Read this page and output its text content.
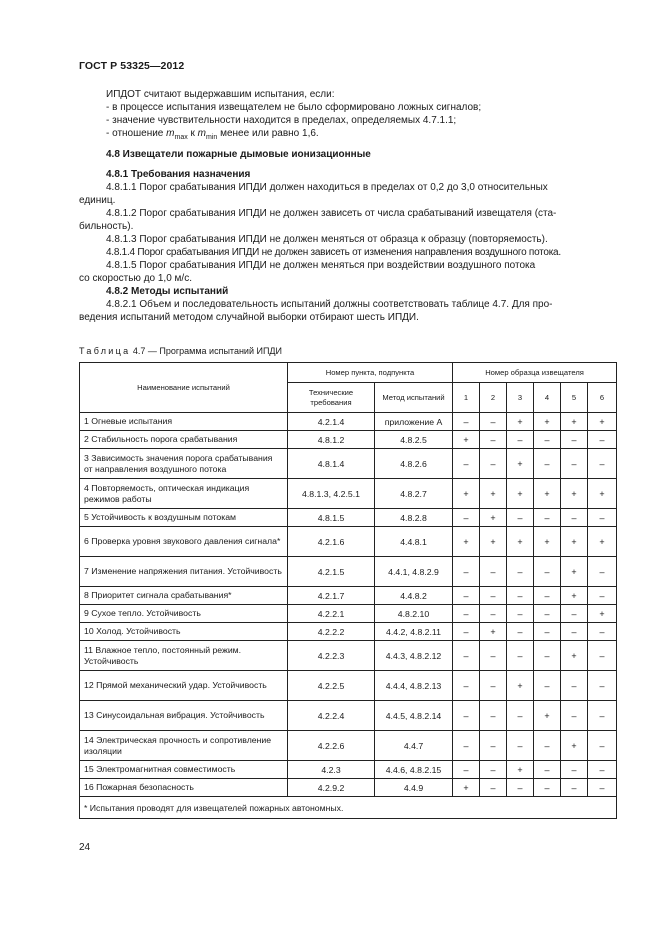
ГОСТ Р 53325—2012
ИПДОТ считают выдержавшим испытания, если:
- в процессе испытания извещателем не было сформировано ложных сигналов;
- значение чувствительности находится в пределах, определяемых 4.7.1.1;
- отношение $m_{max}$ к $m_{min}$ менее или равно 1,6.
4.8 Извещатели пожарные дымовые ионизационные
4.8.1 Требования назначения
4.8.1.1 Порог срабатывания ИПДИ должен находиться в пределах от 0,2 до 3,0 относительных
единиц.
4.8.1.2 Порог срабатывания ИПДИ не должен зависеть от числа срабатываний извещателя (ста-
бильность).
4.8.1.3 Порог срабатывания ИПДИ не должен меняться от образца к образцу (повторяемость).
4.8.1.4 Порог срабатывания ИПДИ не должен зависеть от изменения направления воздушного потока.
4.8.1.5 Порог срабатывания ИПДИ не должен меняться при воздействии воздушного потока
со скоростью до 1,0 м/с.
4.8.2 Методы испытаний
4.8.2.1 Объем и последовательность испытаний должны соответствовать таблице 4.7. Для про-
ведения испытаний методом случайной выборки отбирают шесть ИПДИ.
Таблица 4.7 — Программа испытаний ИПДИ
Наименование испытаний	Номер пункта, подпункта		Номер образца извещателя					
	Технические требования	Метод испытаний	1	2	3	4	5	6
1 Огневые испытания	4.2.1.4	приложение А	–	–	+	+	+	+
2 Стабильность порога срабатывания	4.8.1.2	4.8.2.5	+	–	–	–	–	–
3 Зависимость значения порога срабатывания от направления воздушного потока	4.8.1.4	4.8.2.6	–	–	+	–	–	–
4 Повторяемость, оптическая индикация режимов работы	4.8.1.3, 4.2.5.1	4.8.2.7	+	+	+	+	+	+
5 Устойчивость к воздушным потокам	4.8.1.5	4.8.2.8	–	+	–	–	–	–
6 Проверка уровня звукового давления сигнала*	4.2.1.6	4.4.8.1	+	+	+	+	+	+
7 Изменение напряжения питания. Устойчивость	4.2.1.5	4.4.1, 4.8.2.9	–	–	–	–	+	–
8 Приоритет сигнала срабатывания*	4.2.1.7	4.4.8.2	–	–	–	–	+	–
9 Сухое тепло. Устойчивость	4.2.2.1	4.8.2.10	–	–	–	–	–	+
10 Холод. Устойчивость	4.2.2.2	4.4.2, 4.8.2.11	–	+	–	–	–	–
11 Влажное тепло, постоянный режим. Устойчивость	4.2.2.3	4.4.3, 4.8.2.12	–	–	–	–	+	–
12 Прямой механический удар. Устойчивость	4.2.2.5	4.4.4, 4.8.2.13	–	–	+	–	–	–
13 Синусоидальная вибрация. Устойчивость	4.2.2.4	4.4.5, 4.8.2.14	–	–	–	+	–	–
14 Электрическая прочность и сопротивление изоляции	4.2.2.6	4.4.7	–	–	–	–	+	–
15 Электромагнитная совместимость	4.2.3	4.4.6, 4.8.2.15	–	–	+	–	–	–
16 Пожарная безопасность	4.2.9.2	4.4.9	+	–	–	–	–	–
* Испытания проводят для извещателей пожарных автономных.								
24
